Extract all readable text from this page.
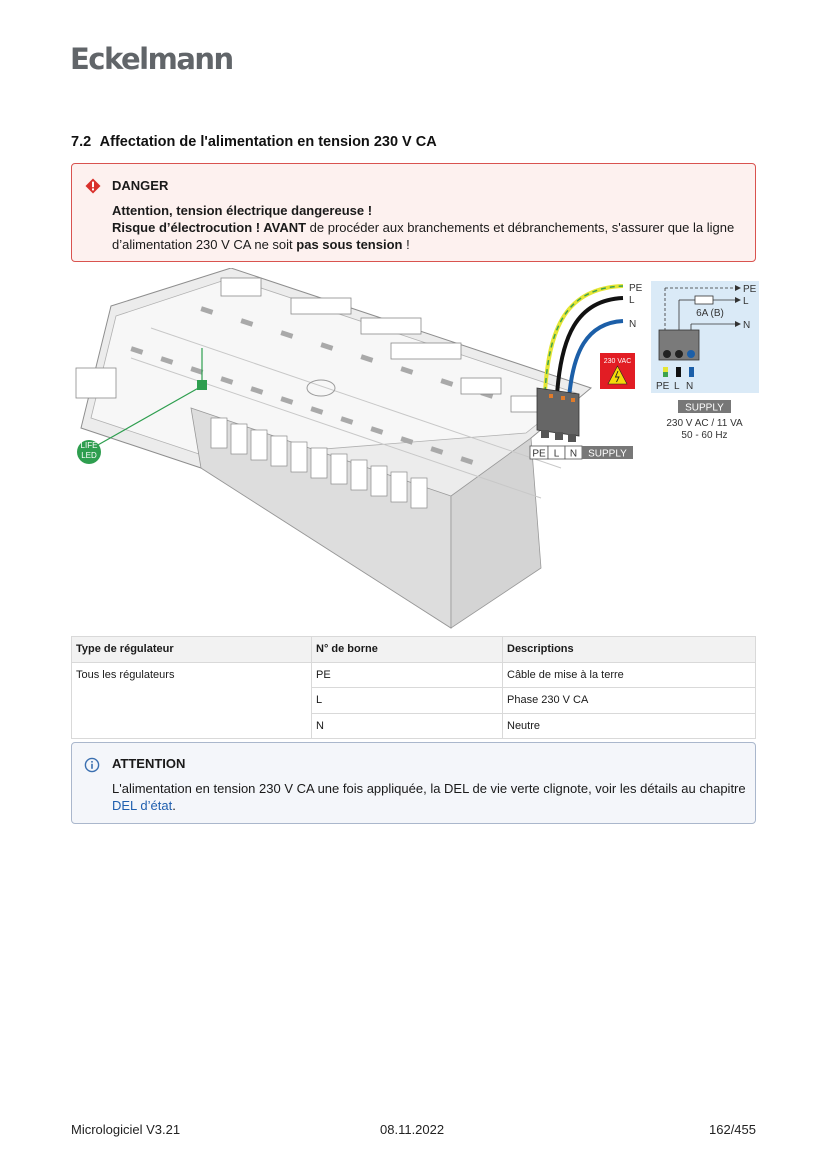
Eckelmann
7.2 Affectation de l'alimentation en tension 230 V CA
DANGER
Attention, tension électrique dangereuse !
Risque d’électrocution ! AVANT de procéder aux branchements et débranchements, s'assurer que la ligne d’alimentation 230 V CA ne soit pas sous tension !
LIFE
LED
PE
L
N
230 VAC
PE L N SUPPLY
PE
L
N
6A (B)
PE L N
SUPPLY
230 V AC / 11 VA
50 - 60 Hz
Type de régulateur	N° de borne	Descriptions
Tous les régulateurs	PE	Câble de mise à la terre
	L	Phase 230 V CA
	N	Neutre
ATTENTION
L'alimentation en tension 230 V CA une fois appliquée, la DEL de vie verte clignote, voir les détails au chapitre DEL d’état.
Micrologiciel V3.21	08.11.2022	162/455
